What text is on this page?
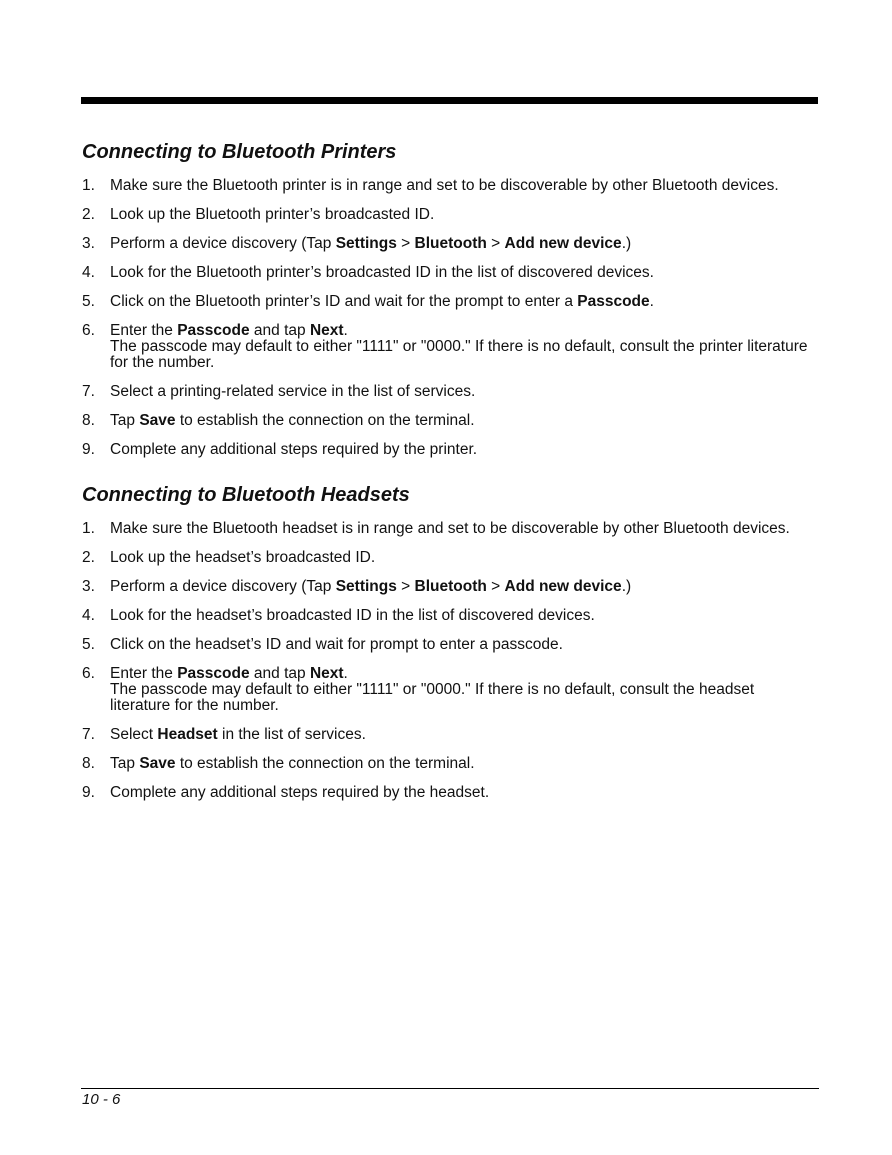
Connecting to Bluetooth Printers
1. Make sure the Bluetooth printer is in range and set to be discoverable by other Bluetooth devices.
2. Look up the Bluetooth printer’s broadcasted ID.
3. Perform a device discovery (Tap Settings > Bluetooth > Add new device.)
4. Look for the Bluetooth printer’s broadcasted ID in the list of discovered devices.
5. Click on the Bluetooth printer’s ID and wait for the prompt to enter a Passcode.
6. Enter the Passcode and tap Next.
The passcode may default to either "1111" or "0000." If there is no default, consult the printer literature for the number.
7. Select a printing-related service in the list of services.
8. Tap Save to establish the connection on the terminal.
9. Complete any additional steps required by the printer.
Connecting to Bluetooth Headsets
1. Make sure the Bluetooth headset is in range and set to be discoverable by other Bluetooth devices.
2. Look up the headset’s broadcasted ID.
3. Perform a device discovery (Tap Settings > Bluetooth > Add new device.)
4. Look for the headset’s broadcasted ID in the list of discovered devices.
5. Click on the headset’s ID and wait for prompt to enter a passcode.
6. Enter the Passcode and tap Next.
The passcode may default to either "1111" or "0000." If there is no default, consult the headset literature for the number.
7. Select Headset in the list of services.
8. Tap Save to establish the connection on the terminal.
9. Complete any additional steps required by the headset.
10 - 6
